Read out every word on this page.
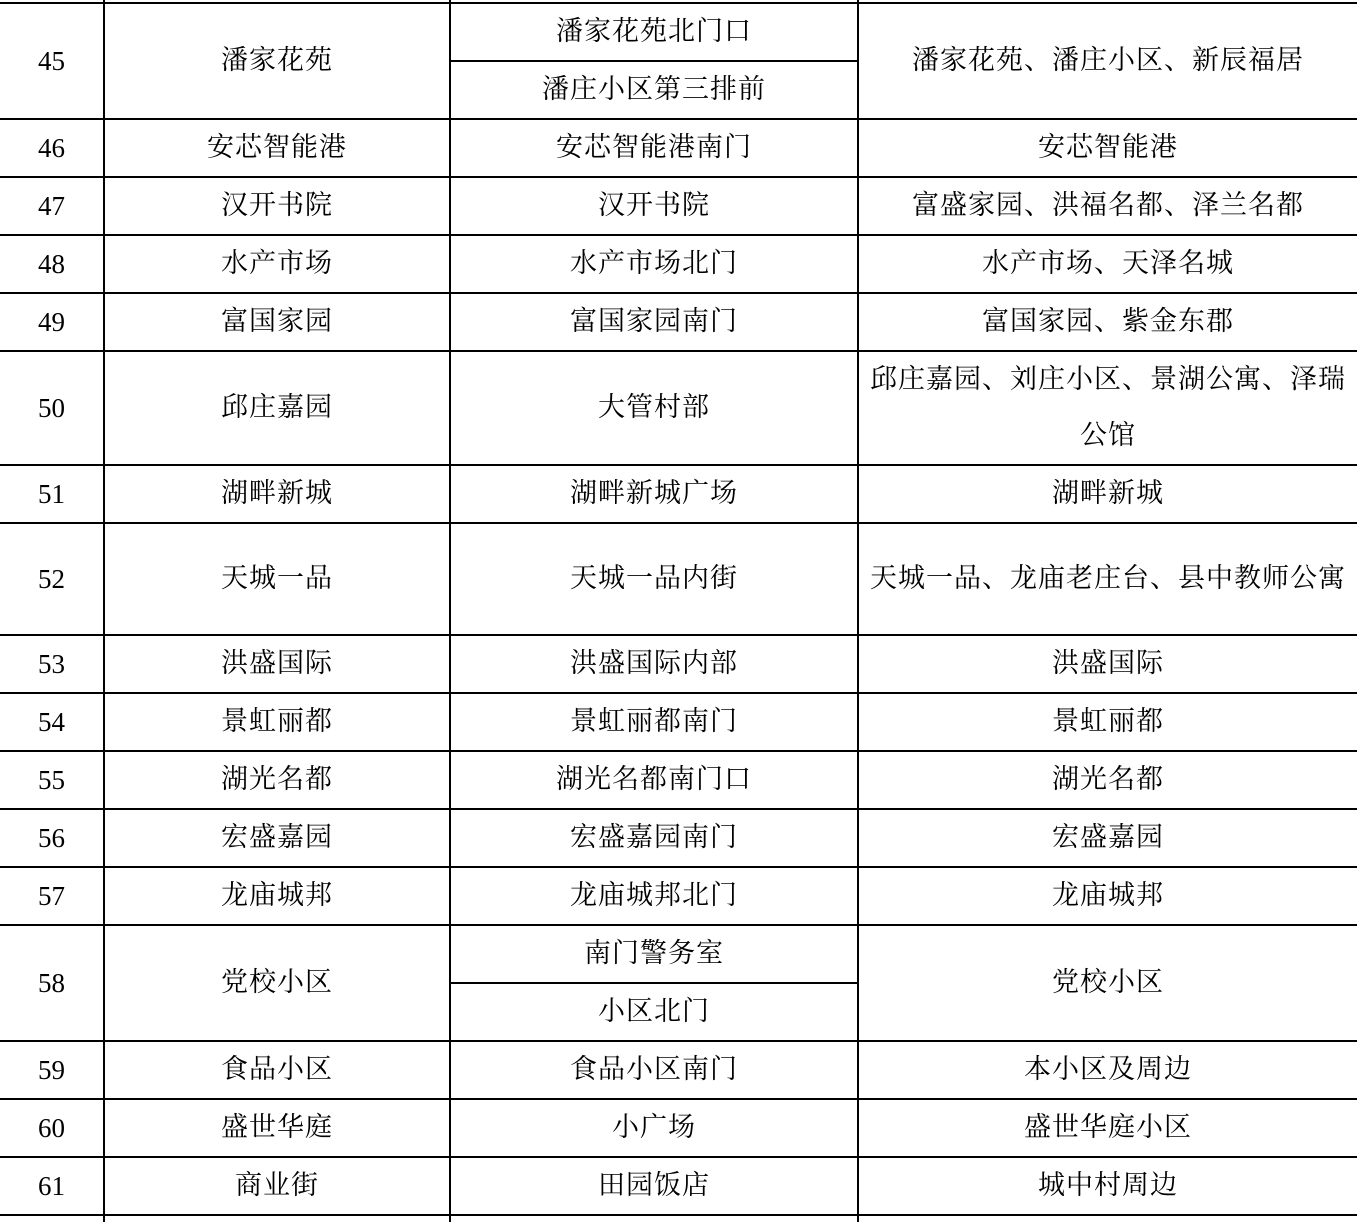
45	潘家花苑	潘家花苑北门口	潘家花苑、潘庄小区、新辰福居
		潘庄小区第三排前	
46	安芯智能港	安芯智能港南门	安芯智能港
47	汉开书院	汉开书院	富盛家园、洪福名都、泽兰名都
48	水产市场	水产市场北门	水产市场、天泽名城
49	富国家园	富国家园南门	富国家园、紫金东郡
50	邱庄嘉园	大管村部	邱庄嘉园、刘庄小区、景湖公寓、泽瑞公馆
51	湖畔新城	湖畔新城广场	湖畔新城
52	天城一品	天城一品内街	天城一品、龙庙老庄台、县中教师公寓
53	洪盛国际	洪盛国际内部	洪盛国际
54	景虹丽都	景虹丽都南门	景虹丽都
55	湖光名都	湖光名都南门口	湖光名都
56	宏盛嘉园	宏盛嘉园南门	宏盛嘉园
57	龙庙城邦	龙庙城邦北门	龙庙城邦
58	党校小区	南门警务室	党校小区
		小区北门	
59	食品小区	食品小区南门	本小区及周边
60	盛世华庭	小广场	盛世华庭小区
61	商业街	田园饭店	城中村周边
